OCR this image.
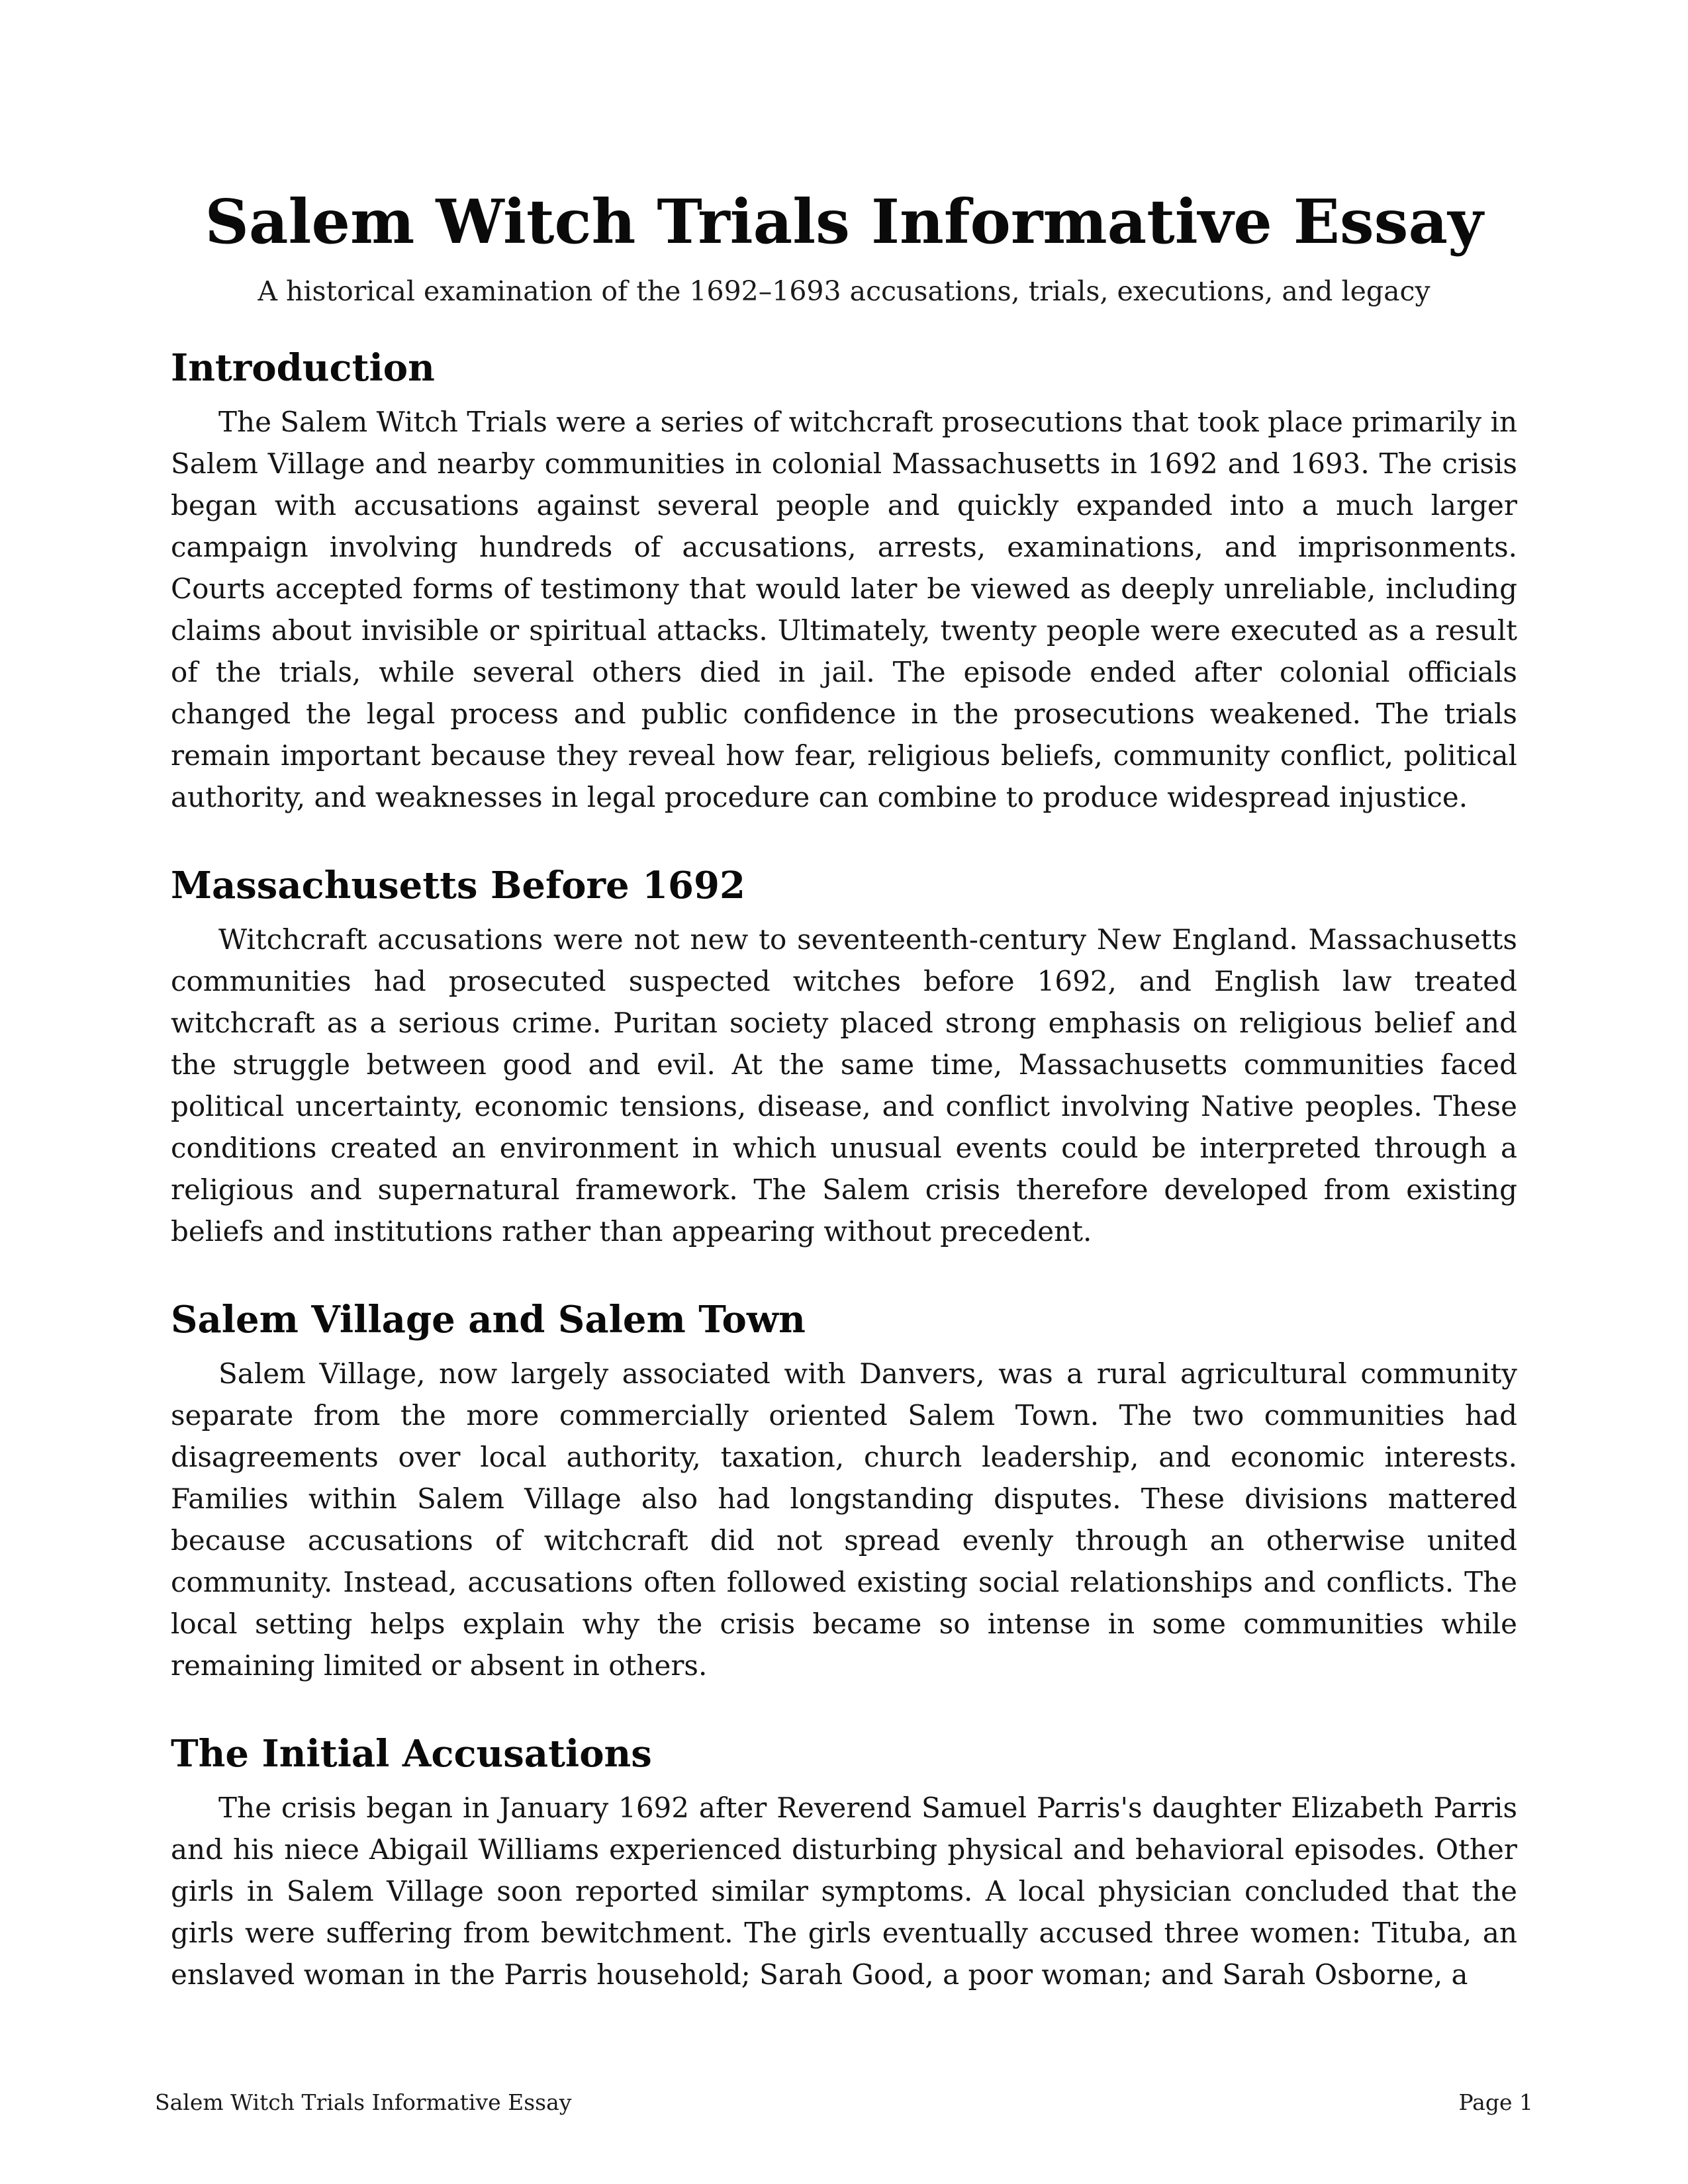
Salem Witch Trials Informative Essay

A historical examination of the 1692–1693 accusations, trials, executions, and legacy

Introduction

The Salem Witch Trials were a series of witchcraft prosecutions that took place primarily in Salem Village and nearby communities in colonial Massachusetts in 1692 and 1693. The crisis began with accusations against several people and quickly expanded into a much larger campaign involving hundreds of accusations, arrests, examinations, and imprisonments. Courts accepted forms of testimony that would later be viewed as deeply unreliable, including claims about invisible or spiritual attacks. Ultimately, twenty people were executed as a result of the trials, while several others died in jail. The episode ended after colonial officials changed the legal process and public confidence in the prosecutions weakened. The trials remain important because they reveal how fear, religious beliefs, community conflict, political authority, and weaknesses in legal procedure can combine to produce widespread injustice.

Massachusetts Before 1692

Witchcraft accusations were not new to seventeenth-century New England. Massachusetts communities had prosecuted suspected witches before 1692, and English law treated witchcraft as a serious crime. Puritan society placed strong emphasis on religious belief and the struggle between good and evil. At the same time, Massachusetts communities faced political uncertainty, economic tensions, disease, and conflict involving Native peoples. These conditions created an environment in which unusual events could be interpreted through a religious and supernatural framework. The Salem crisis therefore developed from existing beliefs and institutions rather than appearing without precedent.

Salem Village and Salem Town

Salem Village, now largely associated with Danvers, was a rural agricultural community separate from the more commercially oriented Salem Town. The two communities had disagreements over local authority, taxation, church leadership, and economic interests. Families within Salem Village also had longstanding disputes. These divisions mattered because accusations of witchcraft did not spread evenly through an otherwise united community. Instead, accusations often followed existing social relationships and conflicts. The local setting helps explain why the crisis became so intense in some communities while remaining limited or absent in others.

The Initial Accusations

The crisis began in January 1692 after Reverend Samuel Parris's daughter Elizabeth Parris and his niece Abigail Williams experienced disturbing physical and behavioral episodes. Other girls in Salem Village soon reported similar symptoms. A local physician concluded that the girls were suffering from bewitchment. The girls eventually accused three women: Tituba, an enslaved woman in the Parris household; Sarah Good, a poor woman; and Sarah Osborne, a

Salem Witch Trials Informative Essay	Page 1
